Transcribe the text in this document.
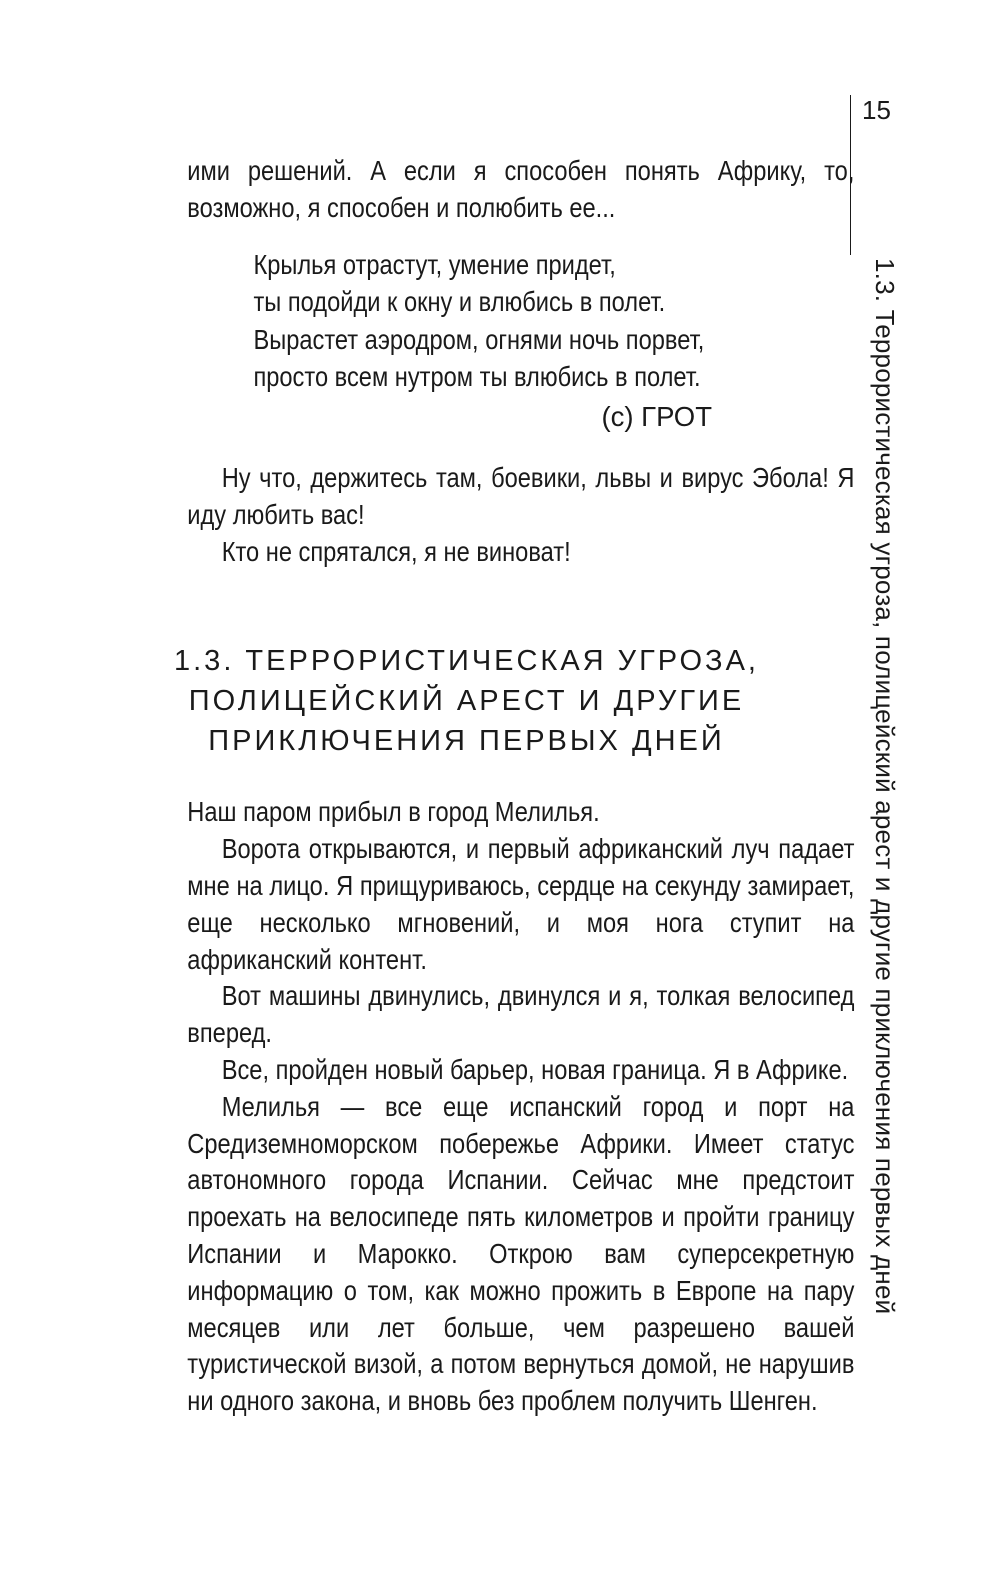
15
1.3. Террористическая угроза, полицейский арест и другие приключения первых дней

ими решений. А если я способен понять Африку, то, возможно, я способен и полюбить ее...

Крылья отрастут, умение придет,
ты подойди к окну и влюбись в полет.
Вырастет аэродром, огнями ночь порвет,
просто всем нутром ты влюбись в полет.
(с) ГРОТ

Ну что, держитесь там, боевики, львы и вирус Эбола! Я иду любить вас!

Кто не спрятался, я не виноват!

1.3. ТЕРРОРИСТИЧЕСКАЯ УГРОЗА,
ПОЛИЦЕЙСКИЙ АРЕСТ И ДРУГИЕ
ПРИКЛЮЧЕНИЯ ПЕРВЫХ ДНЕЙ

Наш паром прибыл в город Мелилья.

Ворота открываются, и первый африканский луч падает мне на лицо. Я прищуриваюсь, сердце на секунду замирает, еще несколько мгновений, и моя нога ступит на африканский контент.

Вот машины двинулись, двинулся и я, толкая велосипед вперед.

Все, пройден новый барьер, новая граница. Я в Африке.

Мелилья — все еще испанский город и порт на Средиземноморском побережье Африки. Имеет статус автономного города Испании. Сейчас мне предстоит проехать на велосипеде пять километров и пройти границу Испании и Марокко. Открою вам суперсекретную информацию о том, как можно прожить в Европе на пару месяцев или лет больше, чем разрешено вашей туристической визой, а потом вернуться домой, не нарушив ни одного закона, и вновь без проблем получить Шенген.
